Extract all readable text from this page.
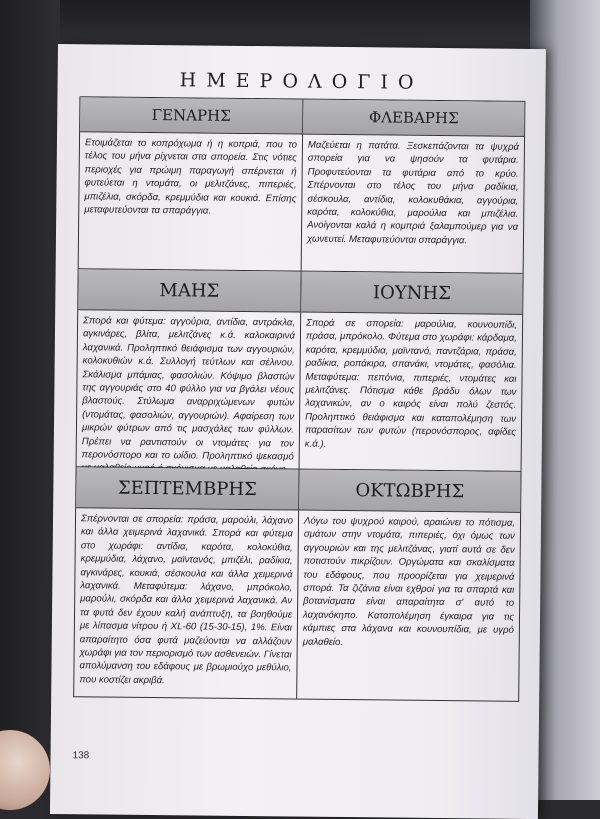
ΗΜΕΡΟΛΟΓΙΟ
ΓΕΝΑΡΗΣ
Ετοιμάζεται το κοπρόχωμα ή η κοπριά, που το τέλος του μήνα ρίχνεται στα σπορεία. Στις νότιες περιοχές για πρώιμη παραγωγή σπέρνεται ή φυτεύεται η ντομάτα, οι μελιτζάνες, πιπεριές, μπιζέλια, σκόρδα, κρεμμύδια και κουκιά. Επίσης μεταφυτεύονται τα σπαράγγια.
ΦΛΕΒΑΡΗΣ
Μαζεύεται η πατάτα. Ξεσκεπάζονται τα ψυχρά σπορεία για να ψησούν τα φυτάρια. Προφυτεύονται τα φυτάρια από το κρύο. Σπέρνονται στο τέλος του μήνα ραδίκια, σέσκουλα, αντίδια, κολοκυθάκια, αγγούρια, καρότα, κολοκύθια, μαρούλια και μπιζέλια. Ανοίγονται καλά η κομπριά ξαλαμπούμερ για να χωνευτεί. Μεταφυτεύονται σπαράγγια.
ΜΑΗΣ
Σπορά και φύτεμα: αγγούρια, αντίδια, αντράκλα, αγκινάρες, βλίτα, μελιτζάνες κ.ά. καλοκαιρινά λαχανικά. Προληπτικό θειάφισμα των αγγουριών, κολοκυθιών κ.ά. Συλλογή τεύτλων και σέλινου. Σκάλισμα μπάμιας, φασολιών. Κόψιμο βλαστών της αγγουριάς στο 40 φύλλο για να βγάλει νέους βλαστούς. Στύλωμα αναρριχώμενων φυτών (ντομάτας, φασολιών, αγγουριών). Αφαίρεση των μικρών φύτρων από τις μασχάλες των φύλλων. Πρέπει να ραντιστούν οι ντομάτες για τον περονόσπορο και το ωίδιο. Προληπτικό ψεκασμό
ΙΟΥΝΗΣ
Σπορά σε σπορεία: μαρούλια, κουνουπίδι, πράσα, μπρόκολο. Φύτεμα στο χωράφι: κάρδαμα, καρότα, κρεμμύδια, μαϊντανό, παντζάρια, πράσα, ραδίκια, ροπάκιρα, σπανάκι, ντομάτες, φασόλια. Μεταφύτεμα: πεπόνια, πιπεριές, ντομάτες και μελιτζάνες. Πότισμα κάθε βράδυ όλων των λαχανικών, αν ο καιρός είναι πολύ ζεστός. Προληπτικό θειάφισμα και καταπολέμηση των παρασίτων των φυτών (περονόσπορος, αφίδες κ.ά.).
ΣΕΠΤΕΜΒΡΗΣ
Σπέρνονται σε σπορεία: πράσα, μαρούλι, λάχανο και άλλα χειμερινά λαχανικά. Σπορά και φύτεμα στο χωράφι: αντίδια, καρότα, κολοκύθια, κρεμμύδια, λάχανο, μαϊντανός, μπιζέλι, ραδίκια, αγκινάρες, κουκιά, σέσκουλα και άλλα χειμερινά λαχανικά. Μεταφύτεμα: λάχανο, μπρόκολο, μαρούλι, σκόρδα και άλλα χειμερινά λαχανικά. Αν τα φυτά δεν έχουν καλή ανάπτυξη, τα βοηθούμε με λίπασμα νίτρου ή XL-60 (15-30-15), 1%. Είναι απαραίτητο όσα φυτά μαζεύονται να αλλάζουν χωράφι για τον περιορισμό των ασθενειών. Γίνεται απολύμανση του εδάφους με βρωμιούχο μεθύλιο, που κοστίζει ακριβά.
ΟΚΤΩΒΡΗΣ
Λόγω του ψυχρού καιρού, αραιώνει το πότισμα, σμάτων στην ντομάτα, πιπεριές, όχι όμως των αγγουριών και της μελιτζάνας, γιατί αυτά σε δεν ποτιστούν πικρίζουν. Οργώματα και σκαλίσματα του εδάφους, που προορίζεται για χειμερινά σπορά. Τα ζιζάνια είναι εχθροί για τα σπαρτά και βοτανίσματα είναι απαραίτητα σ' αυτό το λαχανόκηπο. Καταπολέμηση έγκαιρα για τις κάμπιες στα λάχανα και κουνουπίδια, με υγρό μαλαθείο.
138
